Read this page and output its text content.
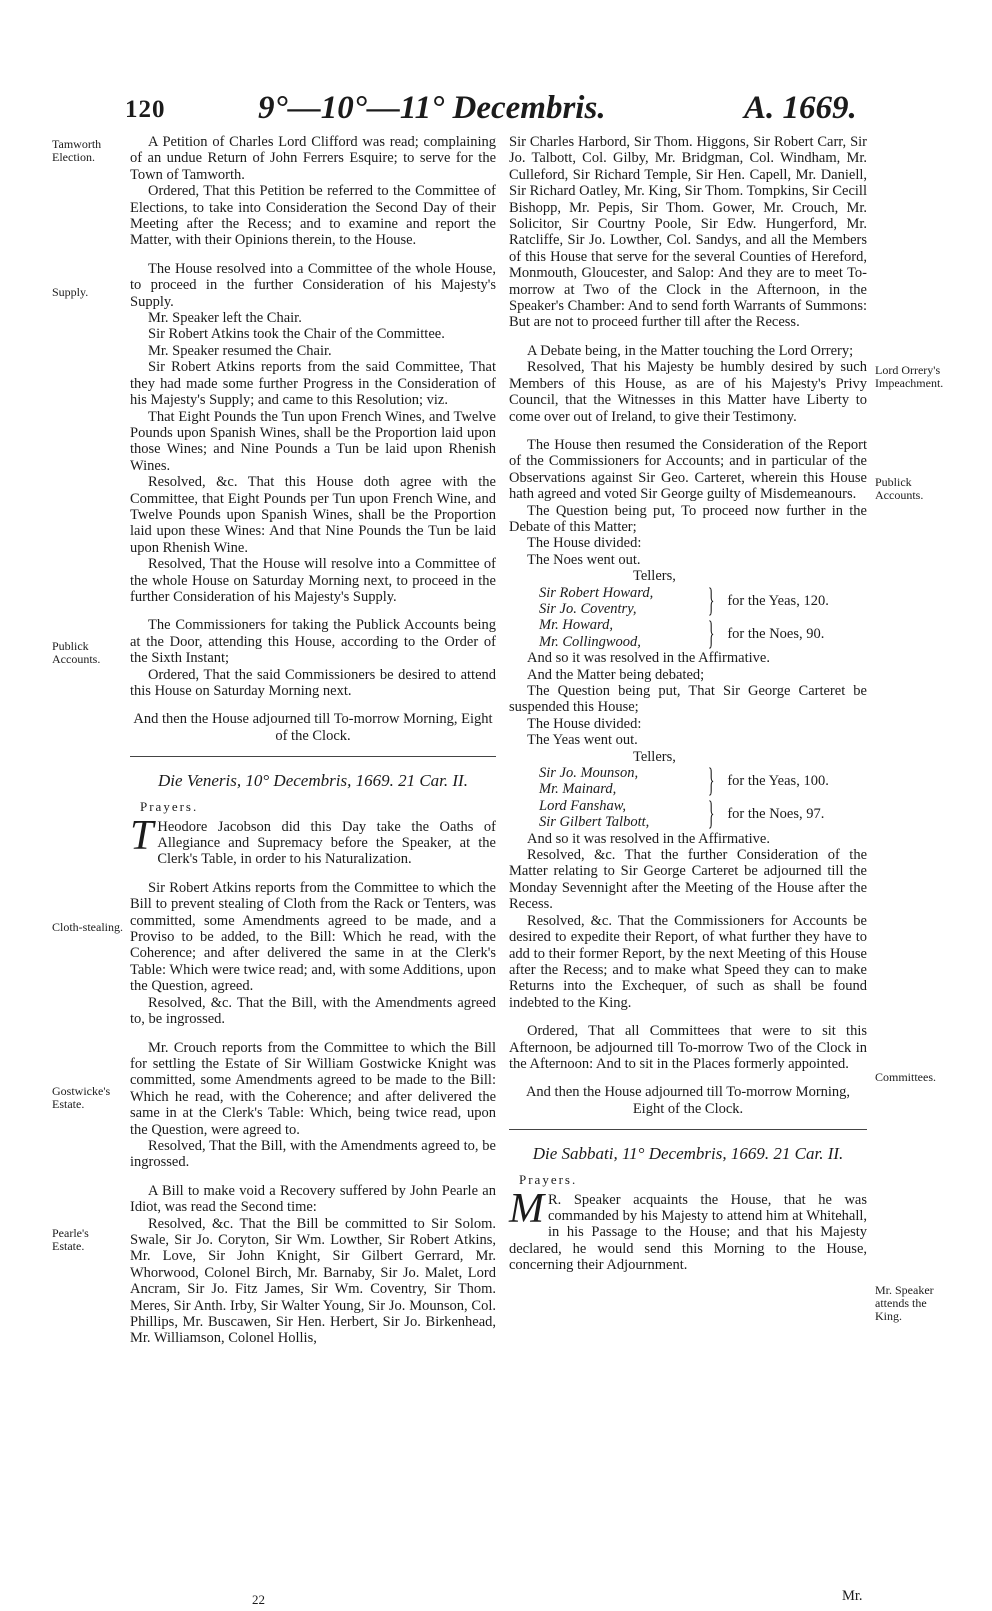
120	9°—10°—11° Decembris.	A. 1669.
Tamworth Election.
Supply.
Publick Accounts.
Cloth-stealing.
Gostwicke's Estate.
Pearle's Estate.
Lord Orrery's Impeachment.
Publick Accounts.
Committees.
Mr. Speaker attends the King.

A Petition of Charles Lord Clifford was read; complaining of an undue Return of John Ferrers Esquire; to serve for the Town of Tamworth.

Ordered, That this Petition be referred to the Committee of Elections, to take into Consideration the Second Day of their Meeting after the Recess; and to examine and report the Matter, with their Opinions therein, to the House.

The House resolved into a Committee of the whole House, to proceed in the further Consideration of his Majesty's Supply.

Mr. Speaker left the Chair.

Sir Robert Atkins took the Chair of the Committee.

Mr. Speaker resumed the Chair.

Sir Robert Atkins reports from the said Committee, That they had made some further Progress in the Consideration of his Majesty's Supply; and came to this Resolution; viz.

That Eight Pounds the Tun upon French Wines, and Twelve Pounds upon Spanish Wines, shall be the Proportion laid upon those Wines; and Nine Pounds a Tun be laid upon Rhenish Wines.

Resolved, &c. That this House doth agree with the Committee, that Eight Pounds per Tun upon French Wine, and Twelve Pounds upon Spanish Wines, shall be the Proportion laid upon these Wines: And that Nine Pounds the Tun be laid upon Rhenish Wine.

Resolved, That the House will resolve into a Committee of the whole House on Saturday Morning next, to proceed in the further Consideration of his Majesty's Supply.

The Commissioners for taking the Publick Accounts being at the Door, attending this House, according to the Order of the Sixth Instant;

Ordered, That the said Commissioners be desired to attend this House on Saturday Morning next.

And then the House adjourned till To-morrow Morning, Eight of the Clock.

Die Veneris, 10° Decembris, 1669. 21 Car. II.
Prayers.

T Heodore Jacobson did this Day take the Oaths of Allegiance and Supremacy before the Speaker, at the Clerk's Table, in order to his Naturalization.

Sir Robert Atkins reports from the Committee to which the Bill to prevent stealing of Cloth from the Rack or Tenters, was committed, some Amendments agreed to be made, and a Proviso to be added, to the Bill: Which he read, with the Coherence; and after delivered the same in at the Clerk's Table: Which were twice read; and, with some Additions, upon the Question, agreed.

Resolved, &c. That the Bill, with the Amendments agreed to, be ingrossed.

Mr. Crouch reports from the Committee to which the Bill for settling the Estate of Sir William Gostwicke Knight was committed, some Amendments agreed to be made to the Bill: Which he read, with the Coherence; and after delivered the same in at the Clerk's Table: Which, being twice read, upon the Question, were agreed to.

Resolved, That the Bill, with the Amendments agreed to, be ingrossed.

A Bill to make void a Recovery suffered by John Pearle an Idiot, was read the Second time:

Resolved, &c. That the Bill be committed to Sir Solom. Swale, Sir Jo. Coryton, Sir Wm. Lowther, Sir Robert Atkins, Mr. Love, Sir John Knight, Sir Gilbert Gerrard, Mr. Whorwood, Colonel Birch, Mr. Barnaby, Sir Jo. Malet, Lord Ancram, Sir Jo. Fitz James, Sir Wm. Coventry, Sir Thom. Meres, Sir Anth. Irby, Sir Walter Young, Sir Jo. Mounson, Col. Phillips, Mr. Buscawen, Sir Hen. Herbert, Sir Jo. Birkenhead, Mr. Williamson, Colonel Hollis,

Sir Charles Harbord, Sir Thom. Higgons, Sir Robert Carr, Sir Jo. Talbott, Col. Gilby, Mr. Bridgman, Col. Windham, Mr. Culleford, Sir Richard Temple, Sir Hen. Capell, Mr. Daniell, Sir Richard Oatley, Mr. King, Sir Thom. Tompkins, Sir Cecill Bishopp, Mr. Pepis, Sir Thom. Gower, Mr. Crouch, Mr. Solicitor, Sir Courtny Poole, Sir Edw. Hungerford, Mr. Ratcliffe, Sir Jo. Lowther, Col. Sandys, and all the Members of this House that serve for the several Counties of Hereford, Monmouth, Gloucester, and Salop: And they are to meet To-morrow at Two of the Clock in the Afternoon, in the Speaker's Chamber: And to send forth Warrants of Summons: But are not to proceed further till after the Recess.

A Debate being, in the Matter touching the Lord Orrery;

Resolved, That his Majesty be humbly desired by such Members of this House, as are of his Majesty's Privy Council, that the Witnesses in this Matter have Liberty to come over out of Ireland, to give their Testimony.

The House then resumed the Consideration of the Report of the Commissioners for Accounts; and in particular of the Observations against Sir Geo. Carteret, wherein this House hath agreed and voted Sir George guilty of Misdemeanours.

The Question being put, To proceed now further in the Debate of this Matter;

The House divided:

The Noes went out.

Tellers,
Sir Robert Howard,
Sir Jo. Coventry,	} for the Yeas, 120.
Mr. Howard,
Mr. Collingwood,	} for the Noes, 90.

And so it was resolved in the Affirmative.

And the Matter being debated;

The Question being put, That Sir George Carteret be suspended this House;

The House divided:

The Yeas went out.

Tellers,
Sir Jo. Mounson,
Mr. Mainard,	} for the Yeas, 100.
Lord Fanshaw,
Sir Gilbert Talbott,	} for the Noes, 97.

And so it was resolved in the Affirmative.

Resolved, &c. That the further Consideration of the Matter relating to Sir George Carteret be adjourned till the Monday Sevennight after the Meeting of the House after the Recess.

Resolved, &c. That the Commissioners for Accounts be desired to expedite their Report, of what further they have to add to their former Report, by the next Meeting of this House after the Recess; and to make what Speed they can to make Returns into the Exchequer, of such as shall be found indebted to the King.

Ordered, That all Committees that were to sit this Afternoon, be adjourned till To-morrow Two of the Clock in the Afternoon: And to sit in the Places formerly appointed.

And then the House adjourned till To-morrow Morning, Eight of the Clock.

Die Sabbati, 11° Decembris, 1669. 21 Car. II.
Prayers.

M R. Speaker acquaints the House, that he was commanded by his Majesty to attend him at Whitehall, in his Passage to the House; and that his Majesty declared, he would send this Morning to the House, concerning their Adjournment.

22	Mr.
